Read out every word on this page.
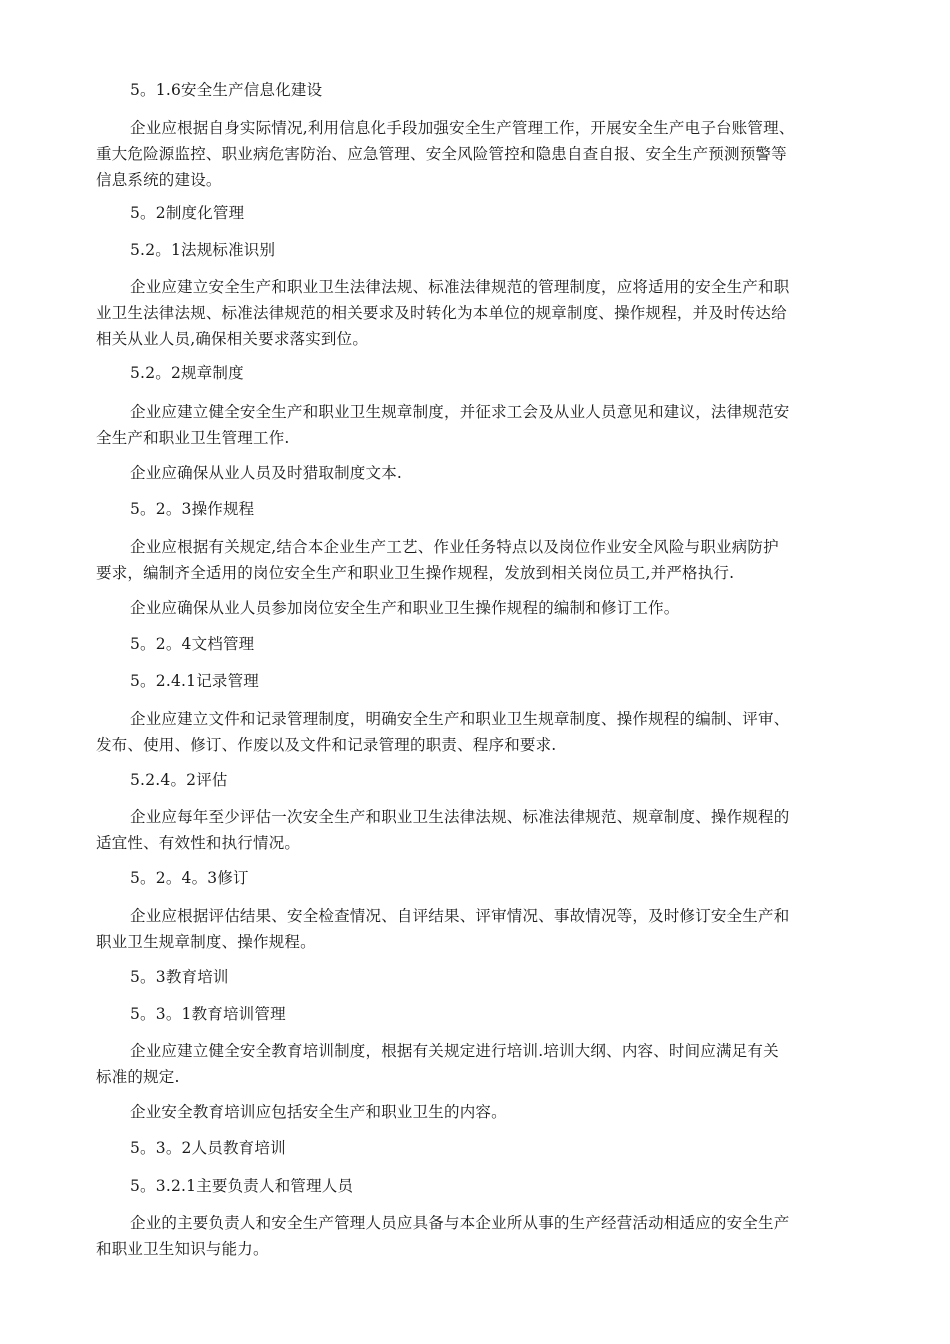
5。1.6安全生产信息化建设
企业应根据自身实际情况,利用信息化手段加强安全生产管理工作，开展安全生产电子台账管理、
重大危险源监控、职业病危害防治、应急管理、安全风险管控和隐患自查自报、安全生产预测预警等
信息系统的建设。
5。2制度化管理
5.2。1法规标准识别
企业应建立安全生产和职业卫生法律法规、标准法律规范的管理制度，应将适用的安全生产和职
业卫生法律法规、标准法律规范的相关要求及时转化为本单位的规章制度、操作规程，并及时传达给
相关从业人员,确保相关要求落实到位。
5.2。2规章制度
企业应建立健全安全生产和职业卫生规章制度，并征求工会及从业人员意见和建议，法律规范安
全生产和职业卫生管理工作.
企业应确保从业人员及时猎取制度文本.
5。2。3操作规程
企业应根据有关规定,结合本企业生产工艺、作业任务特点以及岗位作业安全风险与职业病防护
要求，编制齐全适用的岗位安全生产和职业卫生操作规程，发放到相关岗位员工,并严格执行.
企业应确保从业人员参加岗位安全生产和职业卫生操作规程的编制和修订工作。
5。2。4文档管理
5。2.4.1记录管理
企业应建立文件和记录管理制度，明确安全生产和职业卫生规章制度、操作规程的编制、评审、
发布、使用、修订、作废以及文件和记录管理的职责、程序和要求.
5.2.4。2评估
企业应每年至少评估一次安全生产和职业卫生法律法规、标准法律规范、规章制度、操作规程的
适宜性、有效性和执行情况。
5。2。4。3修订
企业应根据评估结果、安全检查情况、自评结果、评审情况、事故情况等，及时修订安全生产和
职业卫生规章制度、操作规程。
5。3教育培训
5。3。1教育培训管理
企业应建立健全安全教育培训制度，根据有关规定进行培训.培训大纲、内容、时间应满足有关
标准的规定.
企业安全教育培训应包括安全生产和职业卫生的内容。
5。3。2人员教育培训
5。3.2.1主要负责人和管理人员
企业的主要负责人和安全生产管理人员应具备与本企业所从事的生产经营活动相适应的安全生产
和职业卫生知识与能力。
